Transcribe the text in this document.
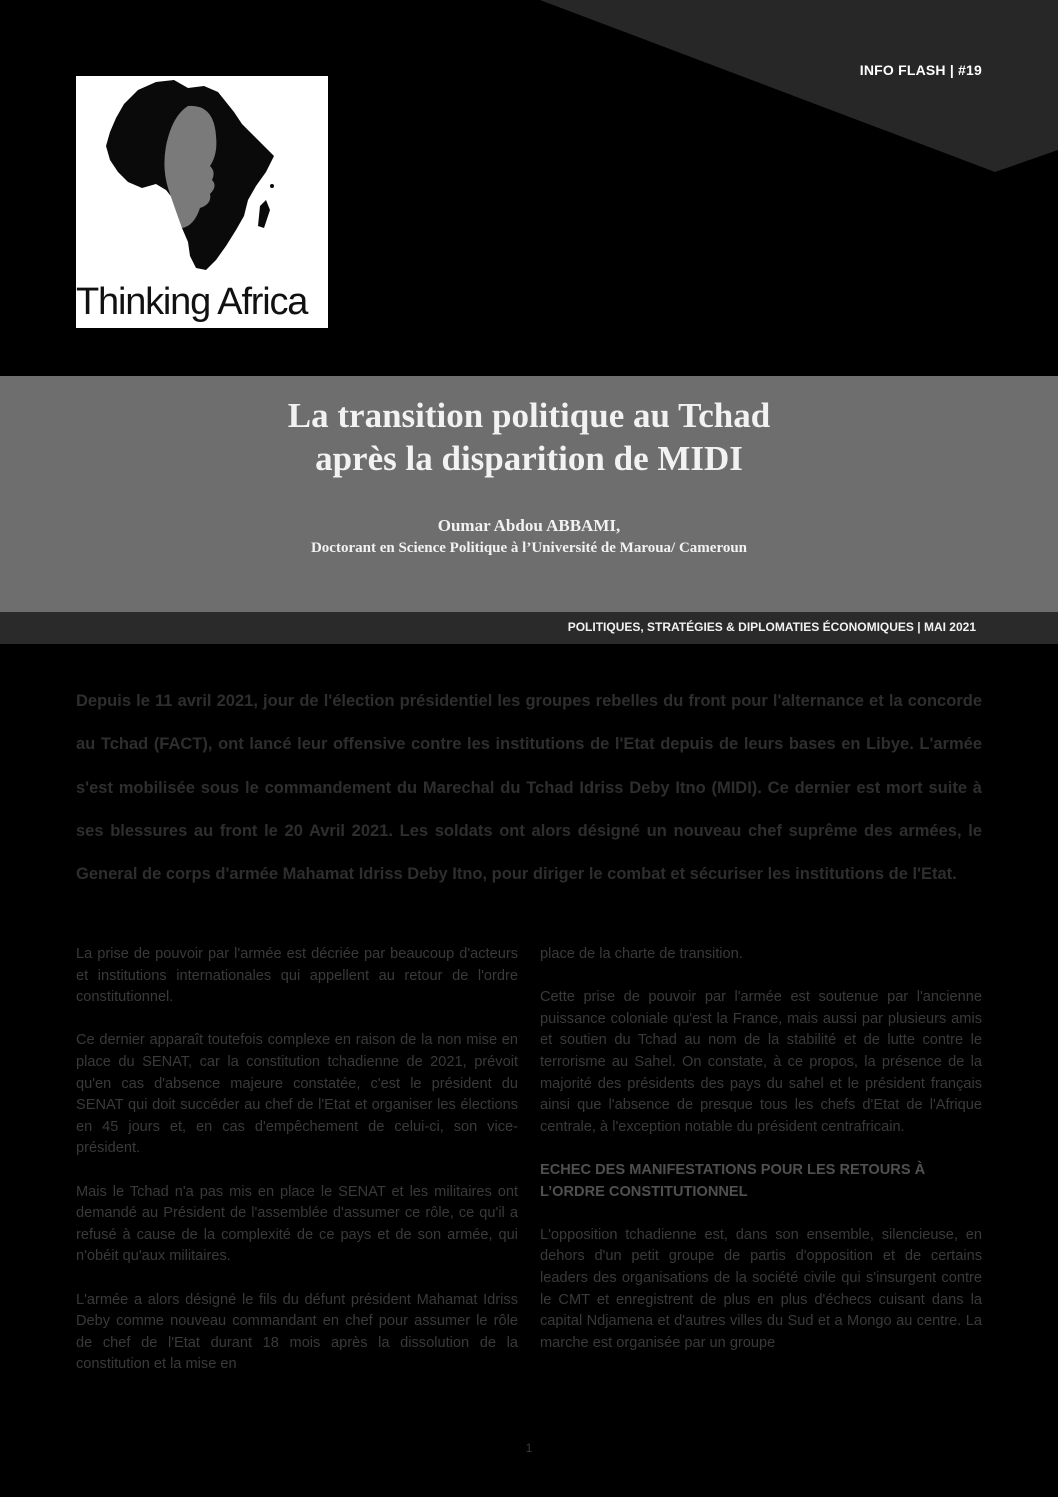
INFO FLASH | #19
Thinking Africa
La transition politique au Tchad
après la disparition de MIDI
Oumar Abdou ABBAMI,
Doctorant en Science Politique à l’Université de Maroua/ Cameroun
POLITIQUES, STRATÉGIES & DIPLOMATIES ÉCONOMIQUES | MAI 2021

Depuis le 11 avril 2021, jour de l'élection présidentiel les groupes rebelles du front pour l'alternance et la concorde au Tchad (FACT), ont lancé leur offensive contre les institutions de l'Etat depuis de leurs bases en Libye. L'armée s'est mobilisée sous le commandement du Marechal du Tchad Idriss Deby Itno (MIDI). Ce dernier est mort suite à ses blessures au front le 20 Avril 2021. Les soldats ont alors désigné un nouveau chef suprême des armées, le General de corps d'armée Mahamat Idriss Deby Itno, pour diriger le combat et sécuriser les institutions de l'Etat.

La prise de pouvoir par l'armée est décriée par beaucoup d'acteurs et institutions internationales qui appellent au retour de l'ordre constitutionnel.

Ce dernier apparaît toutefois complexe en raison de la non mise en place du SENAT, car la constitution tchadienne de 2021, prévoit qu'en cas d'absence majeure constatée, c'est le président du SENAT qui doit succéder au chef de l'Etat et organiser les élections en 45 jours et, en cas d'empêchement de celui-ci, son vice-président.

Mais le Tchad n'a pas mis en place le SENAT et les militaires ont demandé au Président de l'assemblée d'assumer ce rôle, ce qu'il a refusé à cause de la complexité de ce pays et de son armée, qui n'obéit qu'aux militaires.

L'armée a alors désigné le fils du défunt président Mahamat Idriss Deby comme nouveau commandant en chef pour assumer le rôle de chef de l'Etat durant 18 mois après la dissolution de la constitution et la mise en

place de la charte de transition.

Cette prise de pouvoir par l'armée est soutenue par l'ancienne puissance coloniale qu'est la France, mais aussi par plusieurs amis et soutien du Tchad au nom de la stabilité et de lutte contre le terrorisme au Sahel. On constate, à ce propos, la présence de la majorité des présidents des pays du sahel et le président français ainsi que l'absence de presque tous les chefs d'Etat de l'Afrique centrale, à l'exception notable du président centrafricain.

ECHEC DES MANIFESTATIONS POUR LES RETOURS À L’ORDRE CONSTITUTIONNEL

L'opposition tchadienne est, dans son ensemble, silencieuse, en dehors d'un petit groupe de partis d'opposition et de certains leaders des organisations de la société civile qui s'insurgent contre le CMT et enregistrent de plus en plus d'échecs cuisant dans la capital Ndjamena et d'autres villes du Sud et a Mongo au centre. La marche est organisée par un groupe

1
